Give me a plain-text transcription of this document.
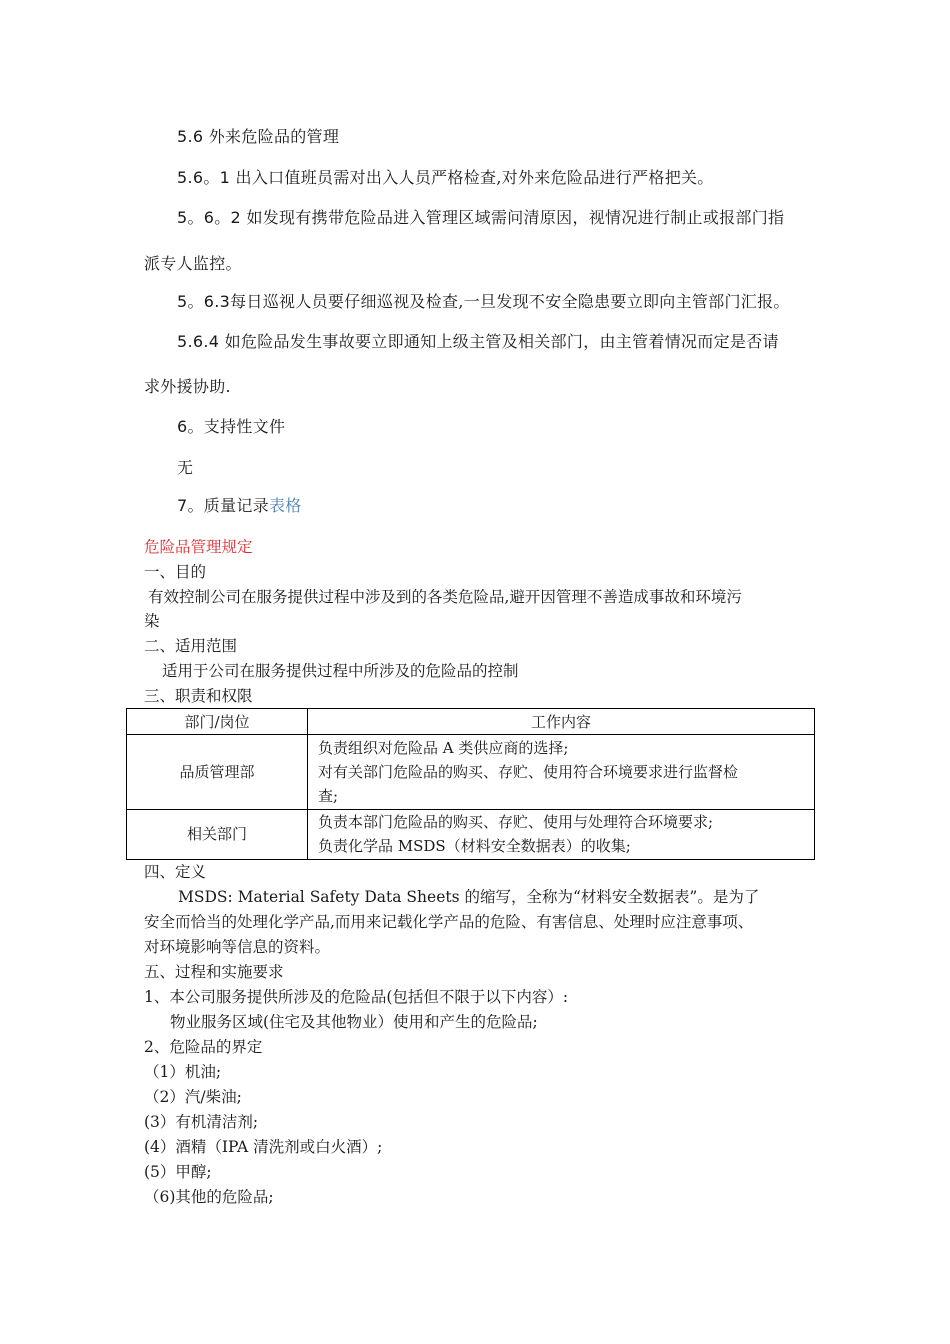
5.6 外来危险品的管理
5.6。1 出入口值班员需对出入人员严格检查,对外来危险品进行严格把关。
5。6。2 如发现有携带危险品进入管理区域需问清原因，视情况进行制止或报部门指
派专人监控。
5。6.3每日巡视人员要仔细巡视及检查,一旦发现不安全隐患要立即向主管部门汇报。
5.6.4 如危险品发生事故要立即通知上级主管及相关部门，由主管着情况而定是否请
求外援协助.
6。支持性文件
无
7。质量记录表格
危险品管理规定
一、目的
有效控制公司在服务提供过程中涉及到的各类危险品,避开因管理不善造成事故和环境污
染
二、适用范围
适用于公司在服务提供过程中所涉及的危险品的控制
三、职责和权限
部门/岗位	工作内容
品质管理部	负责组织对危险品 A 类供应商的选择;
对有关部门危险品的购买、存贮、使用符合环境要求进行监督检
查;

相关部门	负责本部门危险品的购买、存贮、使用与处理符合环境要求;
负责化学品 MSDS（材料安全数据表）的收集;
四、定义
MSDS: Material Safety Data Sheets 的缩写，全称为“材料安全数据表”。是为了
安全而恰当的处理化学产品,而用来记载化学产品的危险、有害信息、处理时应注意事项、
对环境影响等信息的资料。
五、过程和实施要求
1、本公司服务提供所涉及的危险品(包括但不限于以下内容）:
物业服务区域(住宅及其他物业）使用和产生的危险品;
2、危险品的界定
（1）机油;
（2）汽/柴油;
(3）有机清洁剂;
(4）酒精（IPA 清洗剂或白火酒）;
(5）甲醇;
（6)其他的危险品;
